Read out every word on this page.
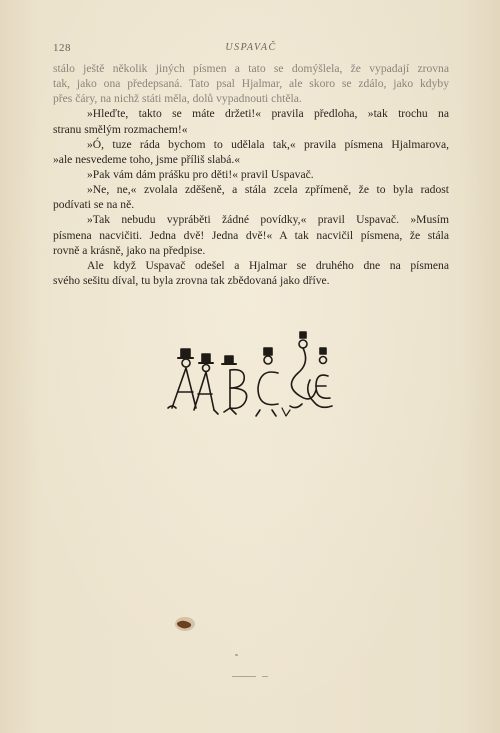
128	USPAVAČ
stálo ještě několik jiných písmen a tato se domýšlela, že vypadají zrovna
tak, jako ona předepsaná. Tato psal Hjalmar, ale skoro se zdálo, jako kdyby
přes čáry, na nichž státi měla, dolů vypadnouti chtěla.
»Hleďte, takto se máte držeti!« pravila předloha, »tak trochu na
stranu smělým rozmachem!«
»Ó, tuze ráda bychom to udělala tak,« pravila písmena Hjalmarova,
»ale nesvedeme toho, jsme příliš slabá.«
»Pak vám dám prášku pro děti!« pravil Uspavač.
»Ne, ne,« zvolala zděšeně, a stála zcela zpřímeně, že to byla radost
podívati se na ně.
»Tak nebudu vypráběti žádné povídky,« pravil Uspavač. »Musím
písmena nacvičiti. Jedna dvě! Jedna dvě!« A tak nacvičil písmena, že stála
rovně a krásně, jako na předpise.
Ale když Uspavač odešel a Hjalmar se druhého dne na písmena
svého sešitu díval, tu byla zrovna tak zbědovaná jako dříve.
